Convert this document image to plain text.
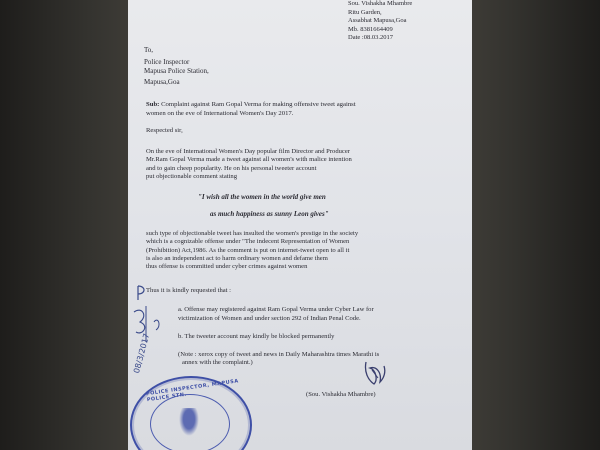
Sou. Vishakha Mhambre
Ritu Garden,
Assabhat Mapusa,Goa
Mb. 8381664409
Date :08.03.2017
To,
Police Inspector
Mapusa Police Station,
Mapusa,Goa
Sub: Complaint against Ram Gopal Verma for making offensive tweet against
women on the eve of International Women's Day 2017.
Respected sir,
On the eve of International Women's Day popular film Director and Producer
Mr.Ram Gopal Verma made a tweet against all women's with malice intention
and to gain cheep popularity. He on his personal tweeter account
put objectionable comment stating
"I wish all the women in the world give men
as much happiness as sunny Leon gives"
such type of objectionable tweet has insulted the women's prestige in the society
which is a cognizable offense under "The indecent Representation of Women
(Prohibition) Act,1986. As the comment is put on internet-tweet open to all it
is also an independent act to harm ordinary women and defame them
thus offense is committed under cyber crimes against women
Thus it is kindly requested that :
a. Offense may registered against Ram Gopal Verma under Cyber Law for
victimization of Women and under section 292 of Indian Penal Code.
b. The tweeter account may kindly be blocked permanently
(Note : xerox copy of tweet and news in Daily Maharashtra times Marathi is
annex with the complaint.)
(Sou. Vishakha Mhambre)
08/3/2017
POLICE INSPECTOR, MAPUSA POLICE STN.
